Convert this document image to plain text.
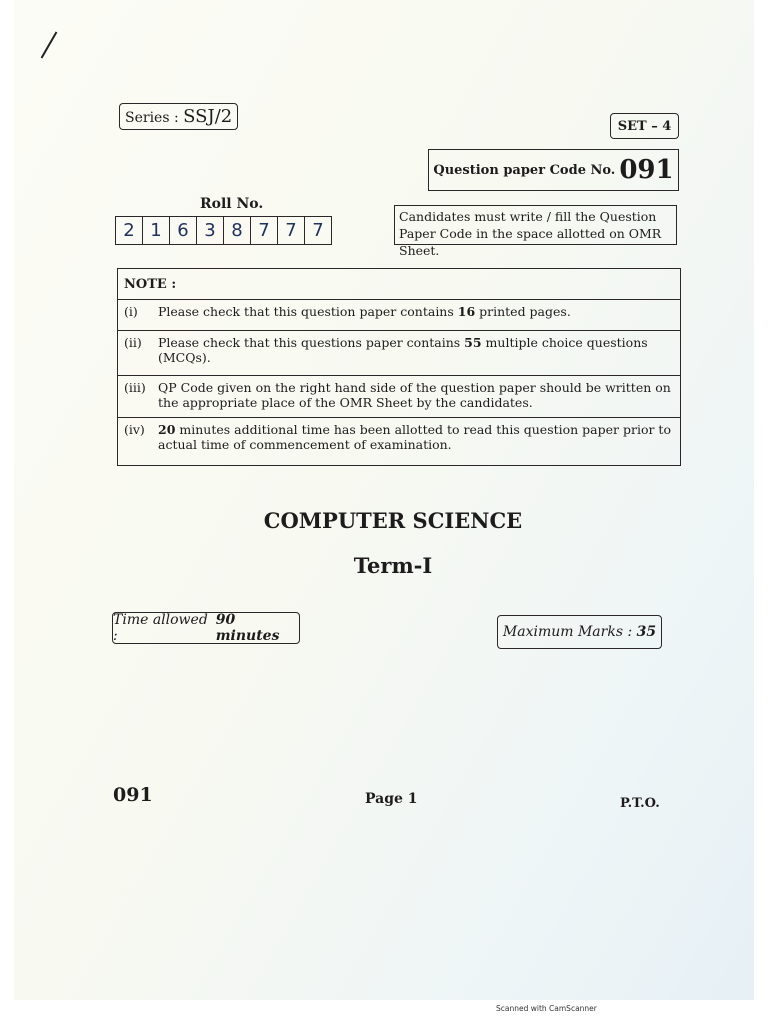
Series : SSJ/2	SET – 4
Question paper Code No. 091
Roll No.
2 1 6 3 8 7 7 7
Candidates must write / fill the Question Paper Code in the space allotted on OMR Sheet.
NOTE :
(i)	Please check that this question paper contains 16 printed pages.
(ii)	Please check that this questions paper contains 55 multiple choice questions (MCQs).
(iii) QP Code given on the right hand side of the question paper should be written on the appropriate place of the OMR Sheet by the candidates.
(iv)	20 minutes additional time has been allotted to read this question paper prior to actual time of commencement of examination.
COMPUTER SCIENCE
Term-I
Time allowed :

90 minutes	Maximum Marks :
35
091	Page 1	P.T.O.
Scanned with CamScanner
